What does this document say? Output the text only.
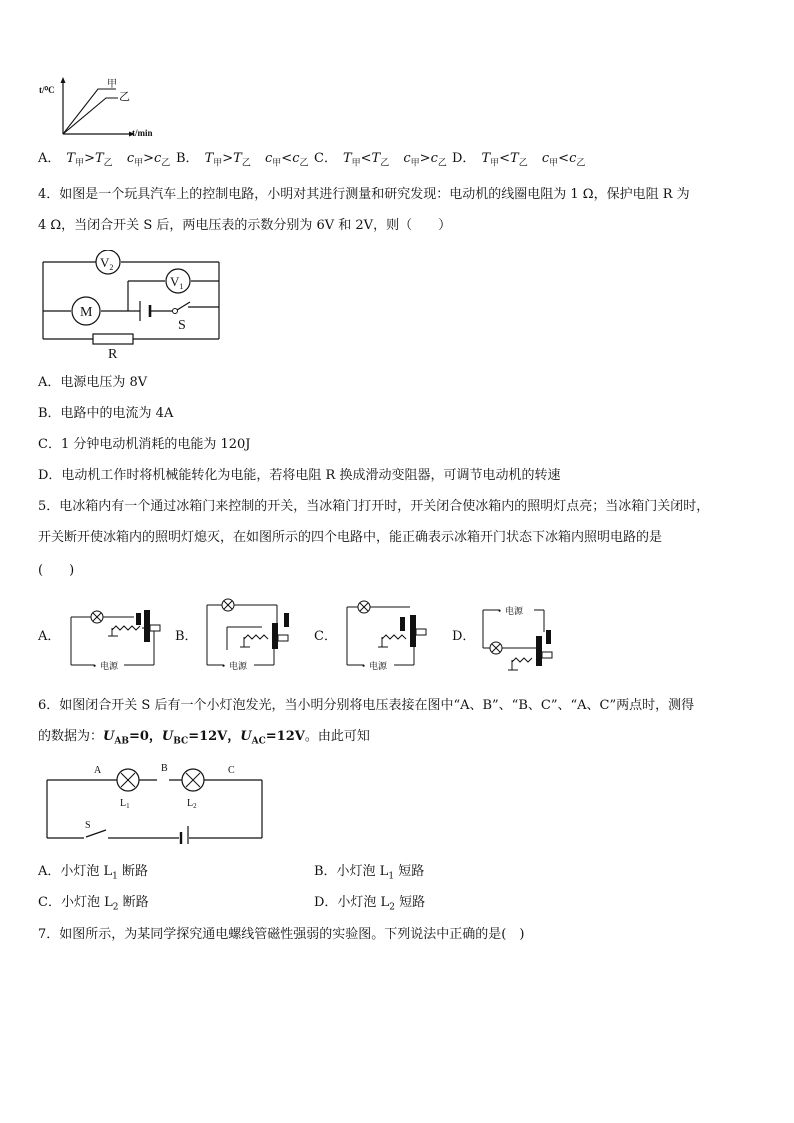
t/⁰C
t/min
甲
乙
A． $T_甲>T_乙$ $c_甲>c_乙$ B． $T_甲>T_乙$ $c_甲<c_乙$ C． $T_甲<T_乙$ $c_甲>c_乙$ D． $T_甲<T_乙$ $c_甲<c_乙$
4．如图是一个玩具汽车上的控制电路，小明对其进行测量和研究发现：电动机的线圈电阻为 1 Ω，保护电阻 R 为
4 Ω，当闭合开关 S 后，两电压表的示数分别为 6V 和 2V，则（　　）
$V_2$
$V_1$
M
S
R
A．电源电压为 8V
B．电路中的电流为 4A
C．1 分钟电动机消耗的电能为 120J
D．电动机工作时将机械能转化为电能，若将电阻 R 换成滑动变阻器，可调节电动机的转速
5．电冰箱内有一个通过冰箱门来控制的开关，当冰箱门打开时，开关闭合使冰箱内的照明灯点亮；当冰箱门关闭时，
开关断开使冰箱内的照明灯熄灭，在如图所示的四个电路中，能正确表示冰箱开门状态下冰箱内照明电路的是
(　　)
A．
• 电源
B．
• 电源
C．
• 电源
D．
• 电源
6．如图闭合开关 S 后有一个小灯泡发光，当小明分别将电压表接在图中“A、B”、“B、C”、“A、C”两点时，测得
的数据为：$U_{AB}=0$，$U_{BC}=12V$，$U_{AC}=12V$。由此可知
A	B	C
$L_1$	$L_2$
S
A．小灯泡 $L_1$ 断路	B．小灯泡 $L_1$ 短路
C．小灯泡 $L_2$ 断路	D．小灯泡 $L_2$ 短路
7．如图所示，为某同学探究通电螺线管磁性强弱的实验图。下列说法中正确的是(　)
